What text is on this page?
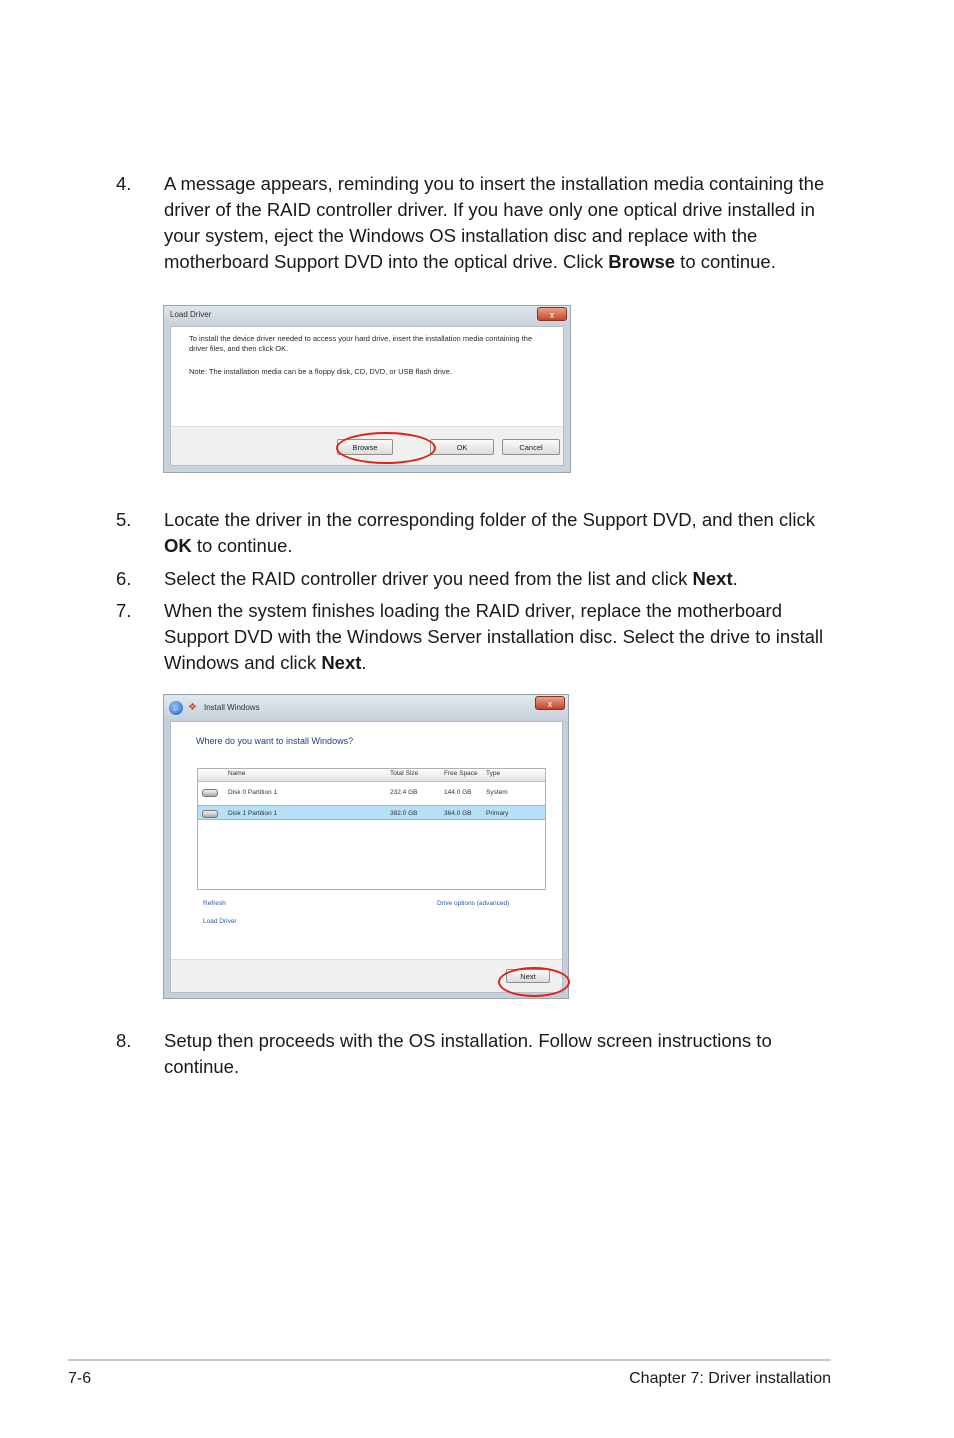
4. A message appears, reminding you to insert the installation media containing the driver of the RAID controller driver. If you have only one optical drive installed in your system, eject the Windows OS installation disc and replace with the motherboard Support DVD into the optical drive. Click Browse to continue.
Load Driver	x
To install the device driver needed to access your hard drive, insert the installation media containing the driver files, and then click OK.
Note: The installation media can be a floppy disk, CD, DVD, or USB flash drive.
Browse	OK	Cancel
5. Locate the driver in the corresponding folder of the Support DVD, and then click OK to continue.
6. Select the RAID controller driver you need from the list and click Next.
7. When the system finishes loading the RAID driver, replace the motherboard Support DVD with the Windows Server installation disc. Select the drive to install Windows and click Next.
← ❖ Install Windows	x
Where do you want to install Windows?
Name	Total Size	Free Space Type
Disk 0 Partition 1	232.4 GB	144.0 GB System
Disk 1 Partition 1	382.0 GB	364.0 GB Primary
Refresh	Drive options (advanced)
Load Driver
Next
8. Setup then proceeds with the OS installation. Follow screen instructions to continue.
7-6	Chapter 7: Driver installation
